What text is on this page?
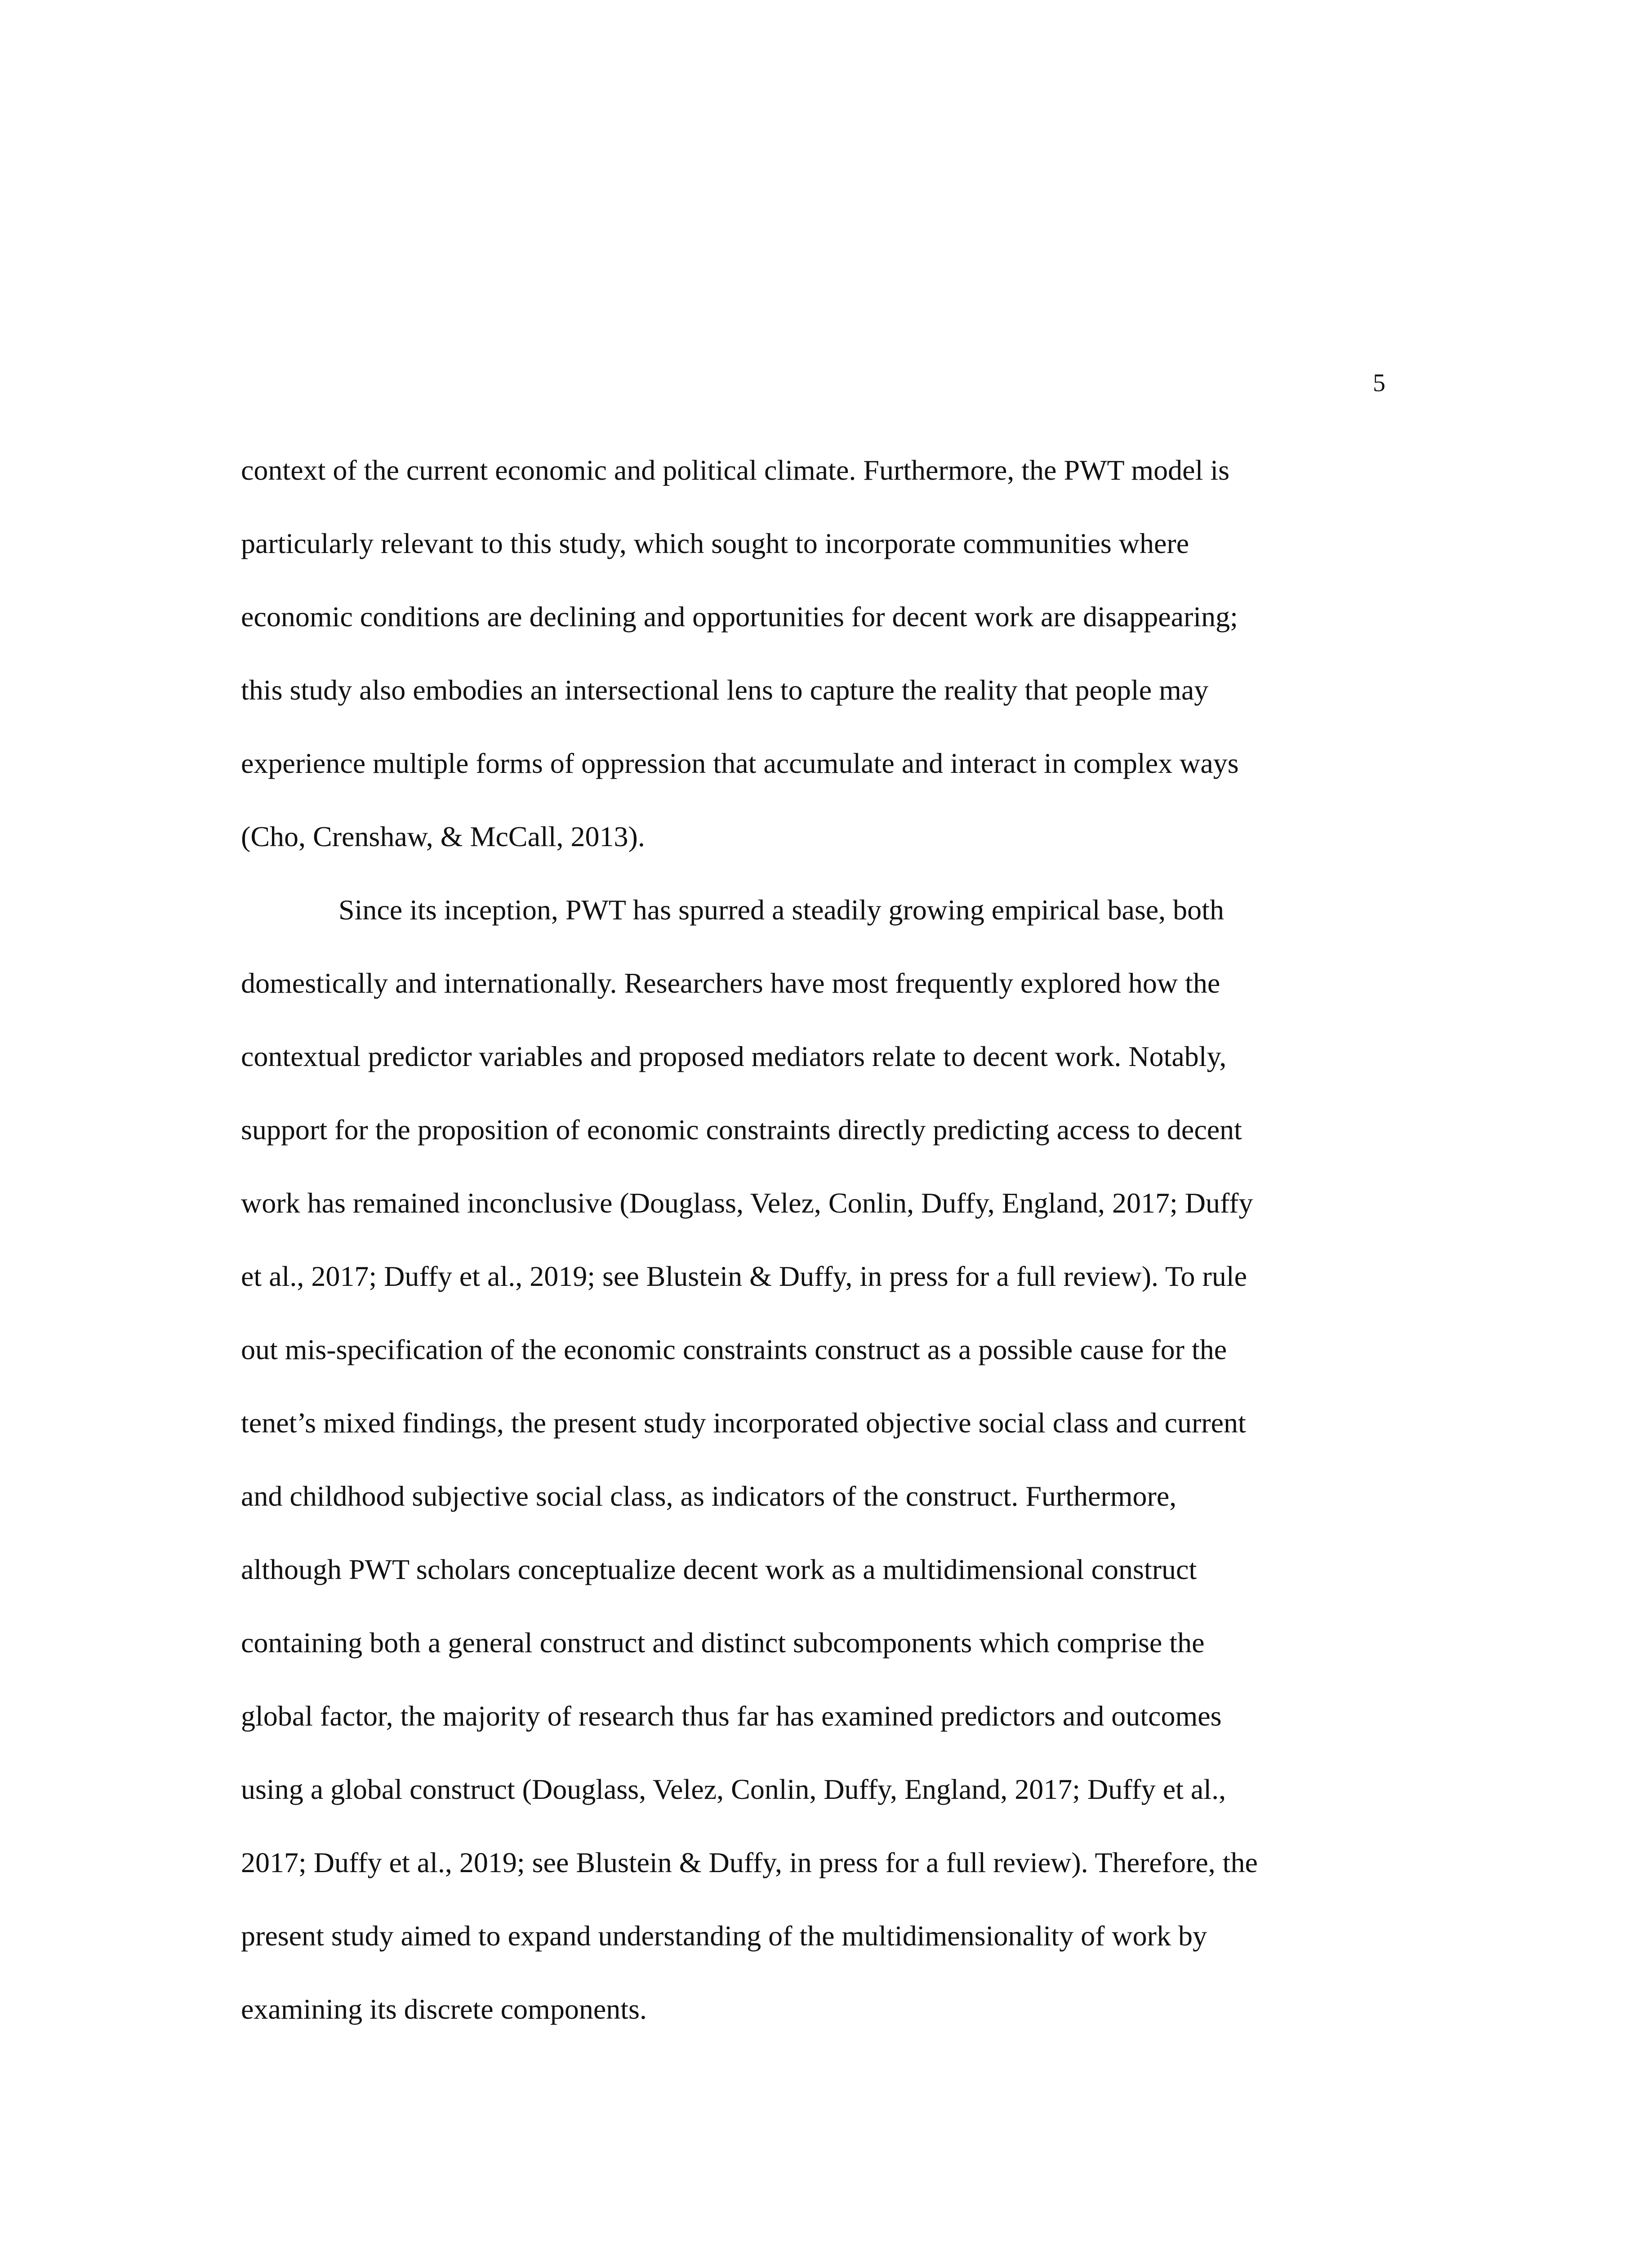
5
context of the current economic and political climate. Furthermore, the PWT model is
particularly relevant to this study, which sought to incorporate communities where
economic conditions are declining and opportunities for decent work are disappearing;
this study also embodies an intersectional lens to capture the reality that people may
experience multiple forms of oppression that accumulate and interact in complex ways
(Cho, Crenshaw, & McCall, 2013).
Since its inception, PWT has spurred a steadily growing empirical base, both
domestically and internationally. Researchers have most frequently explored how the
contextual predictor variables and proposed mediators relate to decent work. Notably,
support for the proposition of economic constraints directly predicting access to decent
work has remained inconclusive (Douglass, Velez, Conlin, Duffy, England, 2017; Duffy
et al., 2017; Duffy et al., 2019; see Blustein & Duffy, in press for a full review). To rule
out mis-specification of the economic constraints construct as a possible cause for the
tenet’s mixed findings, the present study incorporated objective social class and current
and childhood subjective social class, as indicators of the construct. Furthermore,
although PWT scholars conceptualize decent work as a multidimensional construct
containing both a general construct and distinct subcomponents which comprise the
global factor, the majority of research thus far has examined predictors and outcomes
using a global construct (Douglass, Velez, Conlin, Duffy, England, 2017; Duffy et al.,
2017; Duffy et al., 2019; see Blustein & Duffy, in press for a full review). Therefore, the
present study aimed to expand understanding of the multidimensionality of work by
examining its discrete components.
